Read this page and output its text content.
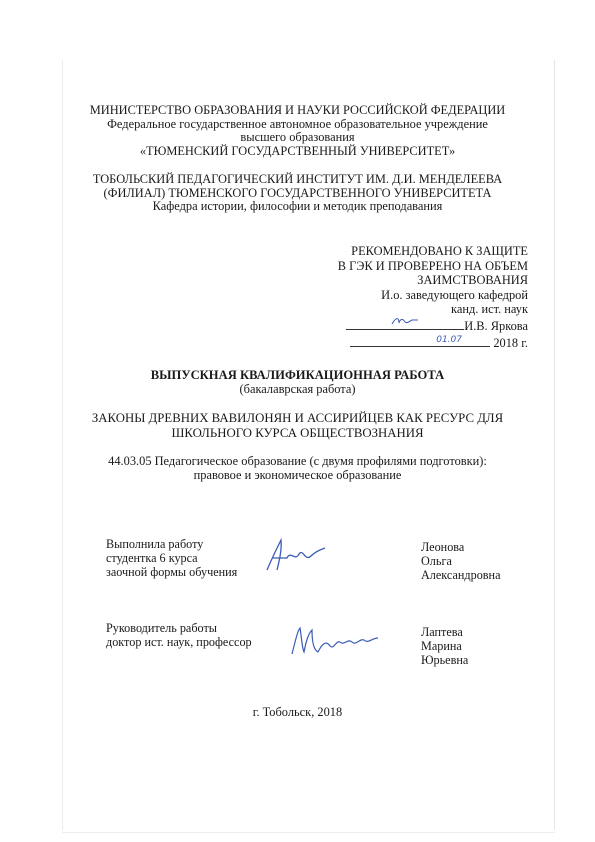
МИНИСТЕРСТВО ОБРАЗОВАНИЯ И НАУКИ РОССИЙСКОЙ ФЕДЕРАЦИИ
Федеральное государственное автономное образовательное учреждение
высшего образования
«ТЮМЕНСКИЙ ГОСУДАРСТВЕННЫЙ УНИВЕРСИТЕТ»
ТОБОЛЬСКИЙ ПЕДАГОГИЧЕСКИЙ ИНСТИТУТ ИМ. Д.И. МЕНДЕЛЕЕВА
(ФИЛИАЛ) ТЮМЕНСКОГО ГОСУДАРСТВЕННОГО УНИВЕРСИТЕТА
Кафедра истории, философии и методик преподавания
РЕКОМЕНДОВАНО К ЗАЩИТЕ
В ГЭК И ПРОВЕРЕНО НА ОБЪЕМ
ЗАИМСТВОВАНИЯ
И.о. заведующего кафедрой
канд. ист. наук
И.В. Яркова
01.07	2018 г.
ВЫПУСКНАЯ КВАЛИФИКАЦИОННАЯ РАБОТА
(бакалаврская работа)
ЗАКОНЫ ДРЕВНИХ ВАВИЛОНЯН И АССИРИЙЦЕВ КАК РЕСУРС ДЛЯ
ШКОЛЬНОГО КУРСА ОБЩЕСТВОЗНАНИЯ
44.03.05 Педагогическое образование (с двумя профилями подготовки):
правовое и экономическое образование
Выполнила работу
студентка 6 курса
заочной формы обучения
Леонова
Ольга
Александровна
Руководитель работы
доктор ист. наук, профессор
Лаптева
Марина
Юрьевна
г. Тобольск, 2018
